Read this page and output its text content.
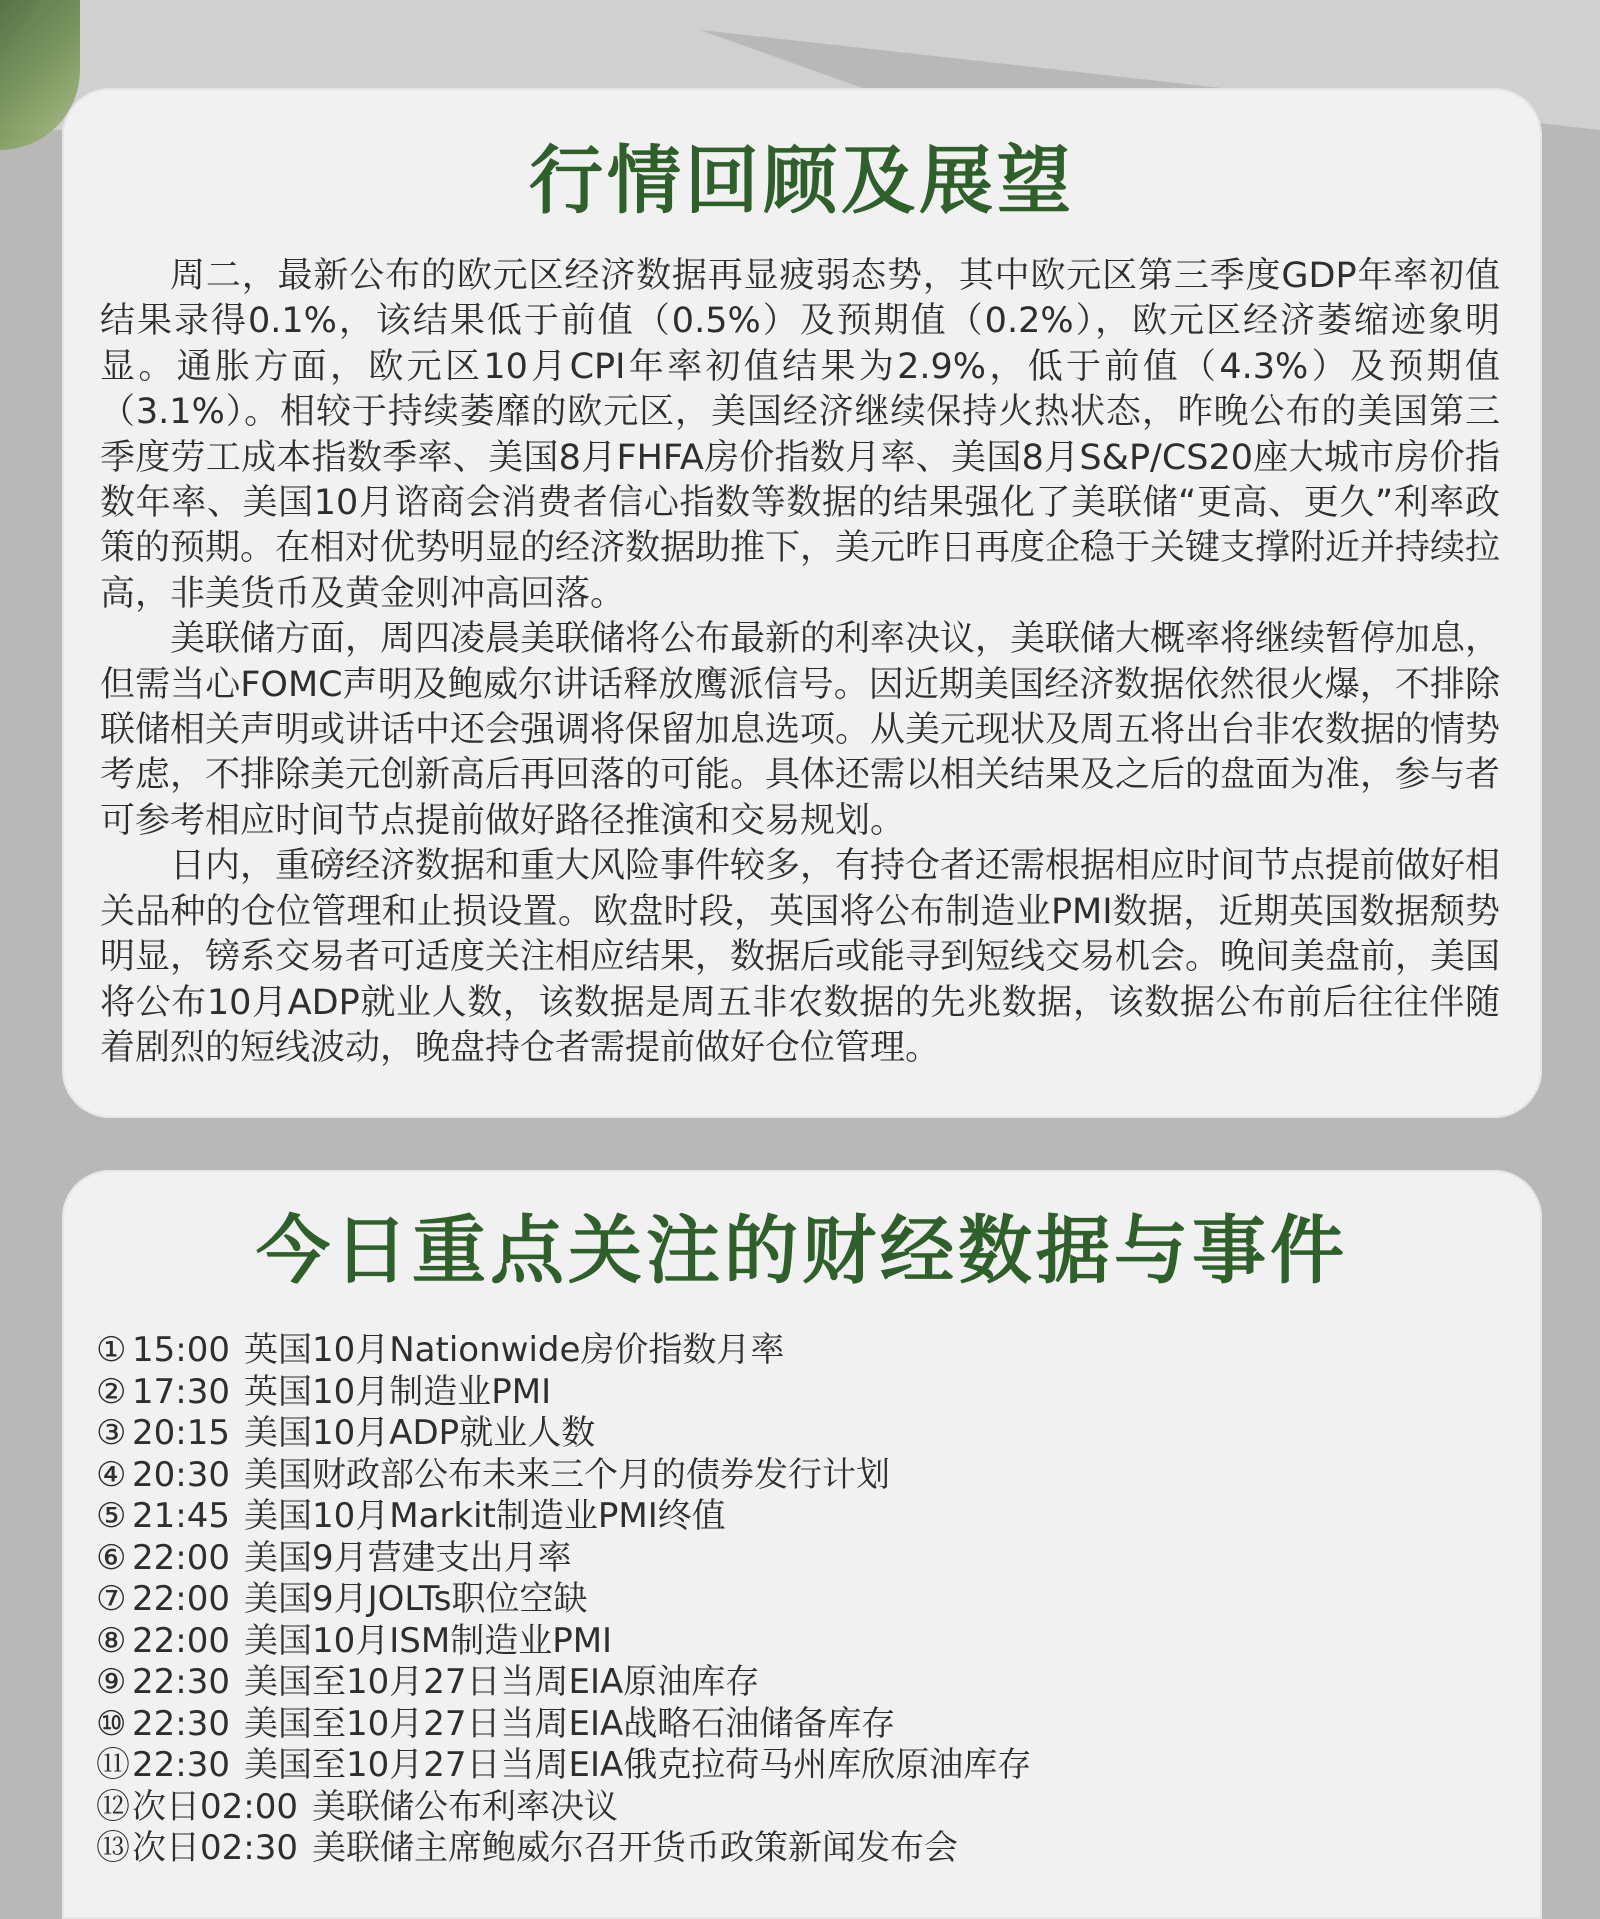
行情回顾及展望

周二，最新公布的欧元区经济数据再显疲弱态势，其中欧元区第三季度GDP年率初值结果录得0.1%，该结果低于前值（0.5%）及预期值（0.2%），欧元区经济萎缩迹象明显。通胀方面，欧元区10月CPI年率初值结果为2.9%，低于前值（4.3%）及预期值（3.1%）。相较于持续萎靡的欧元区，美国经济继续保持火热状态，昨晚公布的美国第三季度劳工成本指数季率、美国8月FHFA房价指数月率、美国8月S&P/CS20座大城市房价指数年率、美国10月谘商会消费者信心指数等数据的结果强化了美联储“更高、更久”利率政策的预期。在相对优势明显的经济数据助推下，美元昨日再度企稳于关键支撑附近并持续拉高，非美货币及黄金则冲高回落。

美联储方面，周四凌晨美联储将公布最新的利率决议，美联储大概率将继续暂停加息，但需当心FOMC声明及鲍威尔讲话释放鹰派信号。因近期美国经济数据依然很火爆，不排除联储相关声明或讲话中还会强调将保留加息选项。从美元现状及周五将出台非农数据的情势考虑，不排除美元创新高后再回落的可能。具体还需以相关结果及之后的盘面为准，参与者可参考相应时间节点提前做好路径推演和交易规划。

日内，重磅经济数据和重大风险事件较多，有持仓者还需根据相应时间节点提前做好相关品种的仓位管理和止损设置。欧盘时段，英国将公布制造业PMI数据，近期英国数据颓势明显，镑系交易者可适度关注相应结果，数据后或能寻到短线交易机会。晚间美盘前，美国将公布10月ADP就业人数，该数据是周五非农数据的先兆数据，该数据公布前后往往伴随着剧烈的短线波动，晚盘持仓者需提前做好仓位管理。

今日重点关注的财经数据与事件
① 15:00 英国10月Nationwide房价指数月率
② 17:30 英国10月制造业PMI
③ 20:15 美国10月ADP就业人数
④ 20:30 美国财政部公布未来三个月的债券发行计划
⑤ 21:45 美国10月Markit制造业PMI终值
⑥ 22:00 美国9月营建支出月率
⑦ 22:00 美国9月JOLTs职位空缺
⑧ 22:00 美国10月ISM制造业PMI
⑨ 22:30 美国至10月27日当周EIA原油库存
⑩ 22:30 美国至10月27日当周EIA战略石油储备库存
⑪22:30 美国至10月27日当周EIA俄克拉荷马州库欣原油库存
⑫次日02:00 美联储公布利率决议
⑬次日02:30 美联储主席鲍威尔召开货币政策新闻发布会
